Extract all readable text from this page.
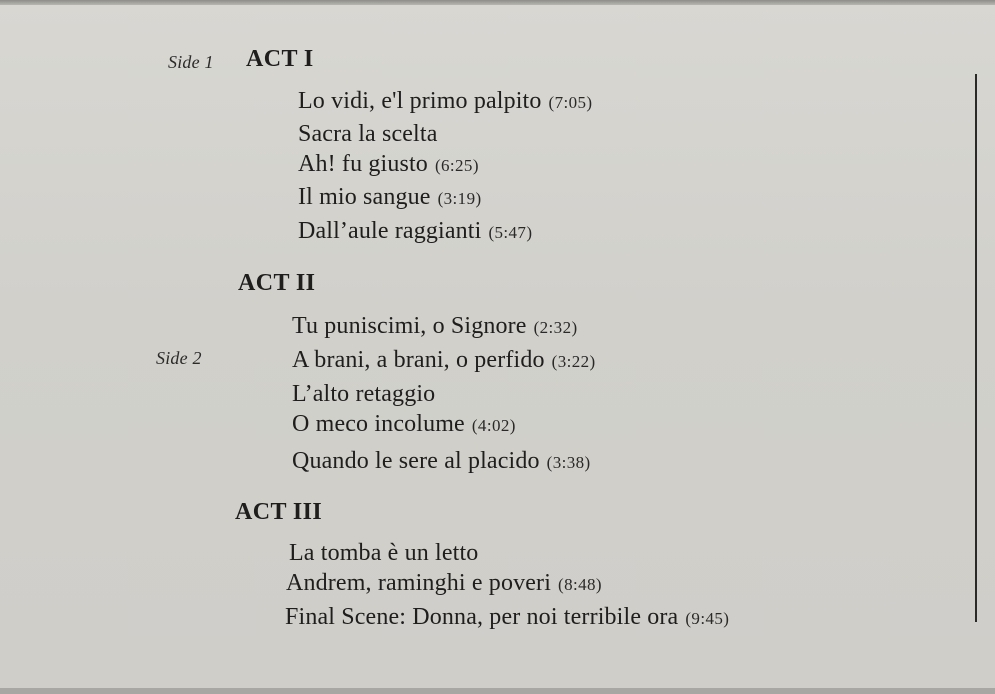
Side 1 ACT I
Lo vidi, e'l primo palpito (7:05)
Sacra la scelta
Ah! fu giusto (6:25)
Il mio sangue (3:19)
Dall’aule raggianti (5:47)
ACT II
Side 2
Tu puniscimi, o Signore (2:32)
A brani, a brani, o perfido (3:22)
L’alto retaggio
O meco incolume (4:02)
Quando le sere al placido (3:38)
ACT III
La tomba è un letto
Andrem, raminghi e poveri (8:48)
Final Scene: Donna, per noi terribile ora (9:45)
